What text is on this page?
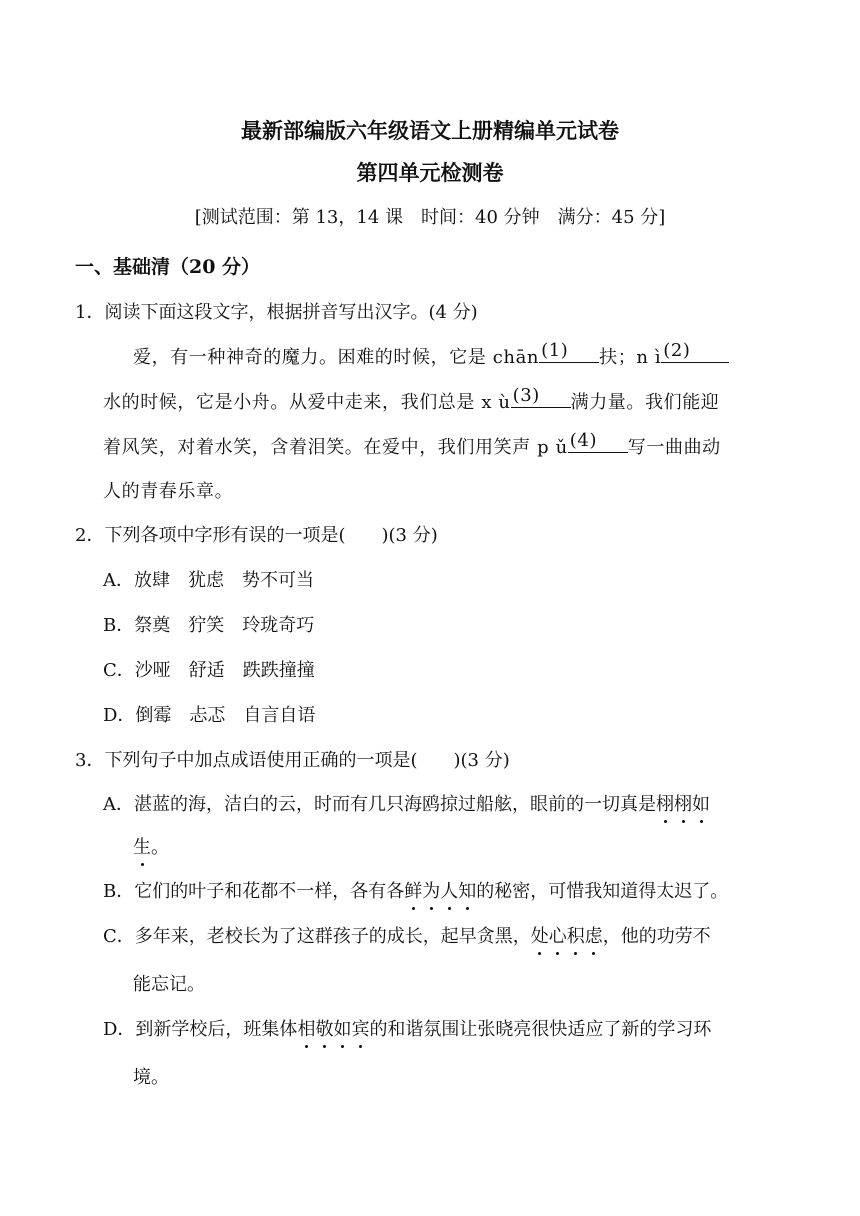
最新部编版六年级语文上册精编单元试卷
第四单元检测卷
[测试范围：第 13，14 课　时间：40 分钟　满分：45 分]
一、基础清（20 分）
1．阅读下面这段文字，根据拼音写出汉字。(4 分)
爱，有一种神奇的魔力。困难的时候，它是 chān (1) 扶；n ì (2)
水的时候，它是小舟。从爱中走来，我们总是 x ù (3) 满力量。我们能迎
着风笑，对着水笑，含着泪笑。在爱中，我们用笑声 p ǔ (4) 写一曲曲动
人的青春乐章。
2．下列各项中字形有误的一项是(　　)(3 分)
A．放肆　犹虑　势不可当
B．祭奠　狞笑　玲珑奇巧
C．沙哑　舒适　跌跌撞撞
D．倒霉　忐忑　自言自语
3．下列句子中加点成语使用正确的一项是(　　)(3 分)
A．湛蓝的海，洁白的云，时而有几只海鸥掠过船舷，眼前的一切真是栩栩如
生。
B．它们的叶子和花都不一样，各有各鲜为人知的秘密，可惜我知道得太迟了。
C．多年来，老校长为了这群孩子的成长，起早贪黑，处心积虑，他的功劳不
能忘记。
D．到新学校后，班集体相敬如宾的和谐氛围让张晓亮很快适应了新的学习环
境。
